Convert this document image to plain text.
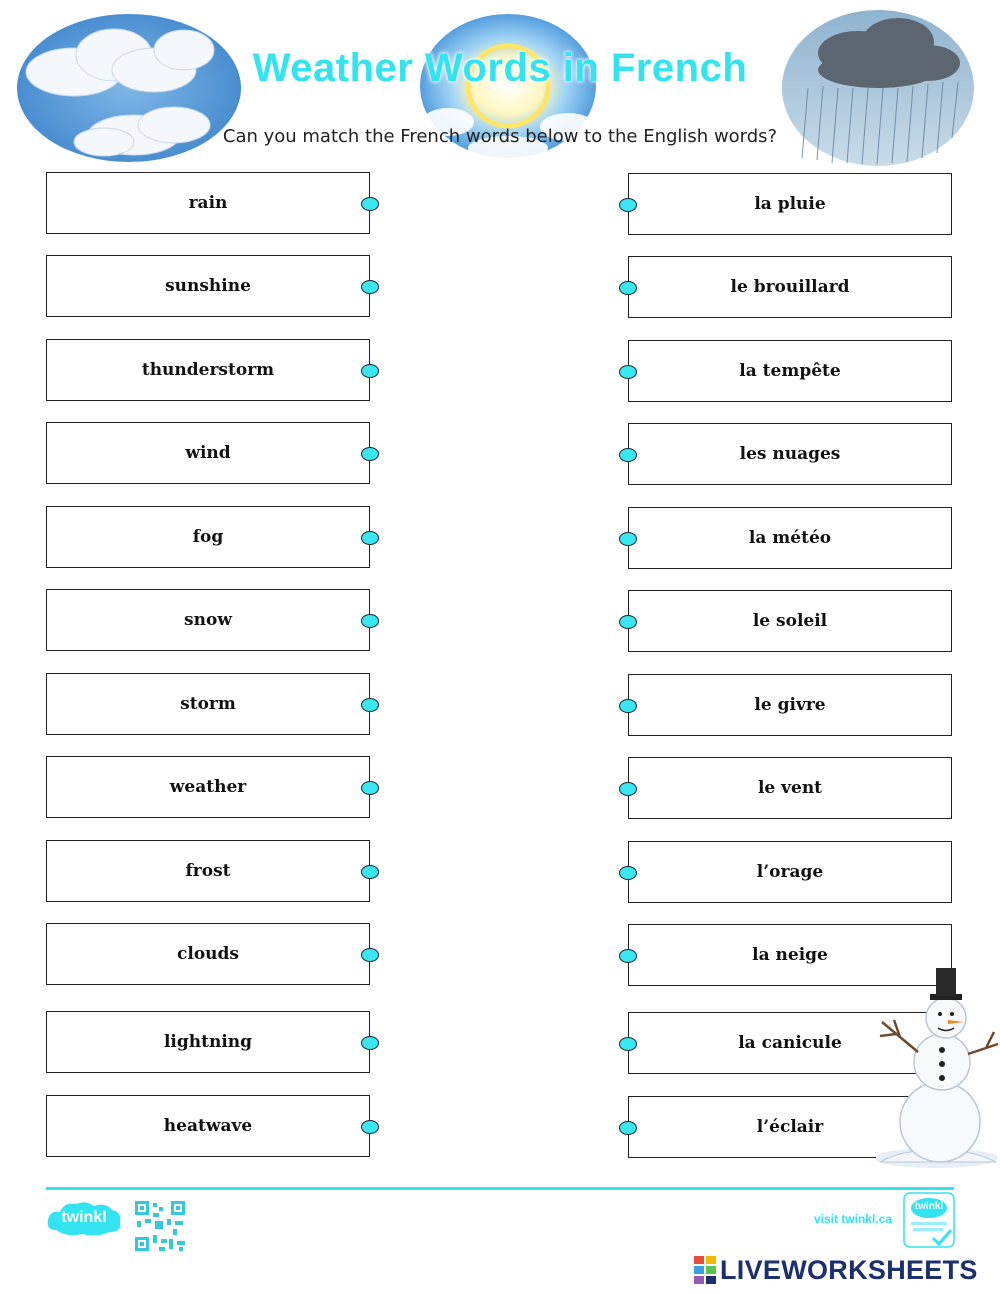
Weather Words in French
Can you match the French words below to the English words?
rain
sunshine
thunderstorm
wind
fog
snow
storm
weather
frost
clouds
lightning
heatwave
la pluie
le brouillard
la tempête
les nuages
la météo
le soleil
le givre
le vent
l’orage
la neige
la canicule
l’éclair
twinkl	visit twinkl.ca
twinkl
LIVEWORKSHEETS
